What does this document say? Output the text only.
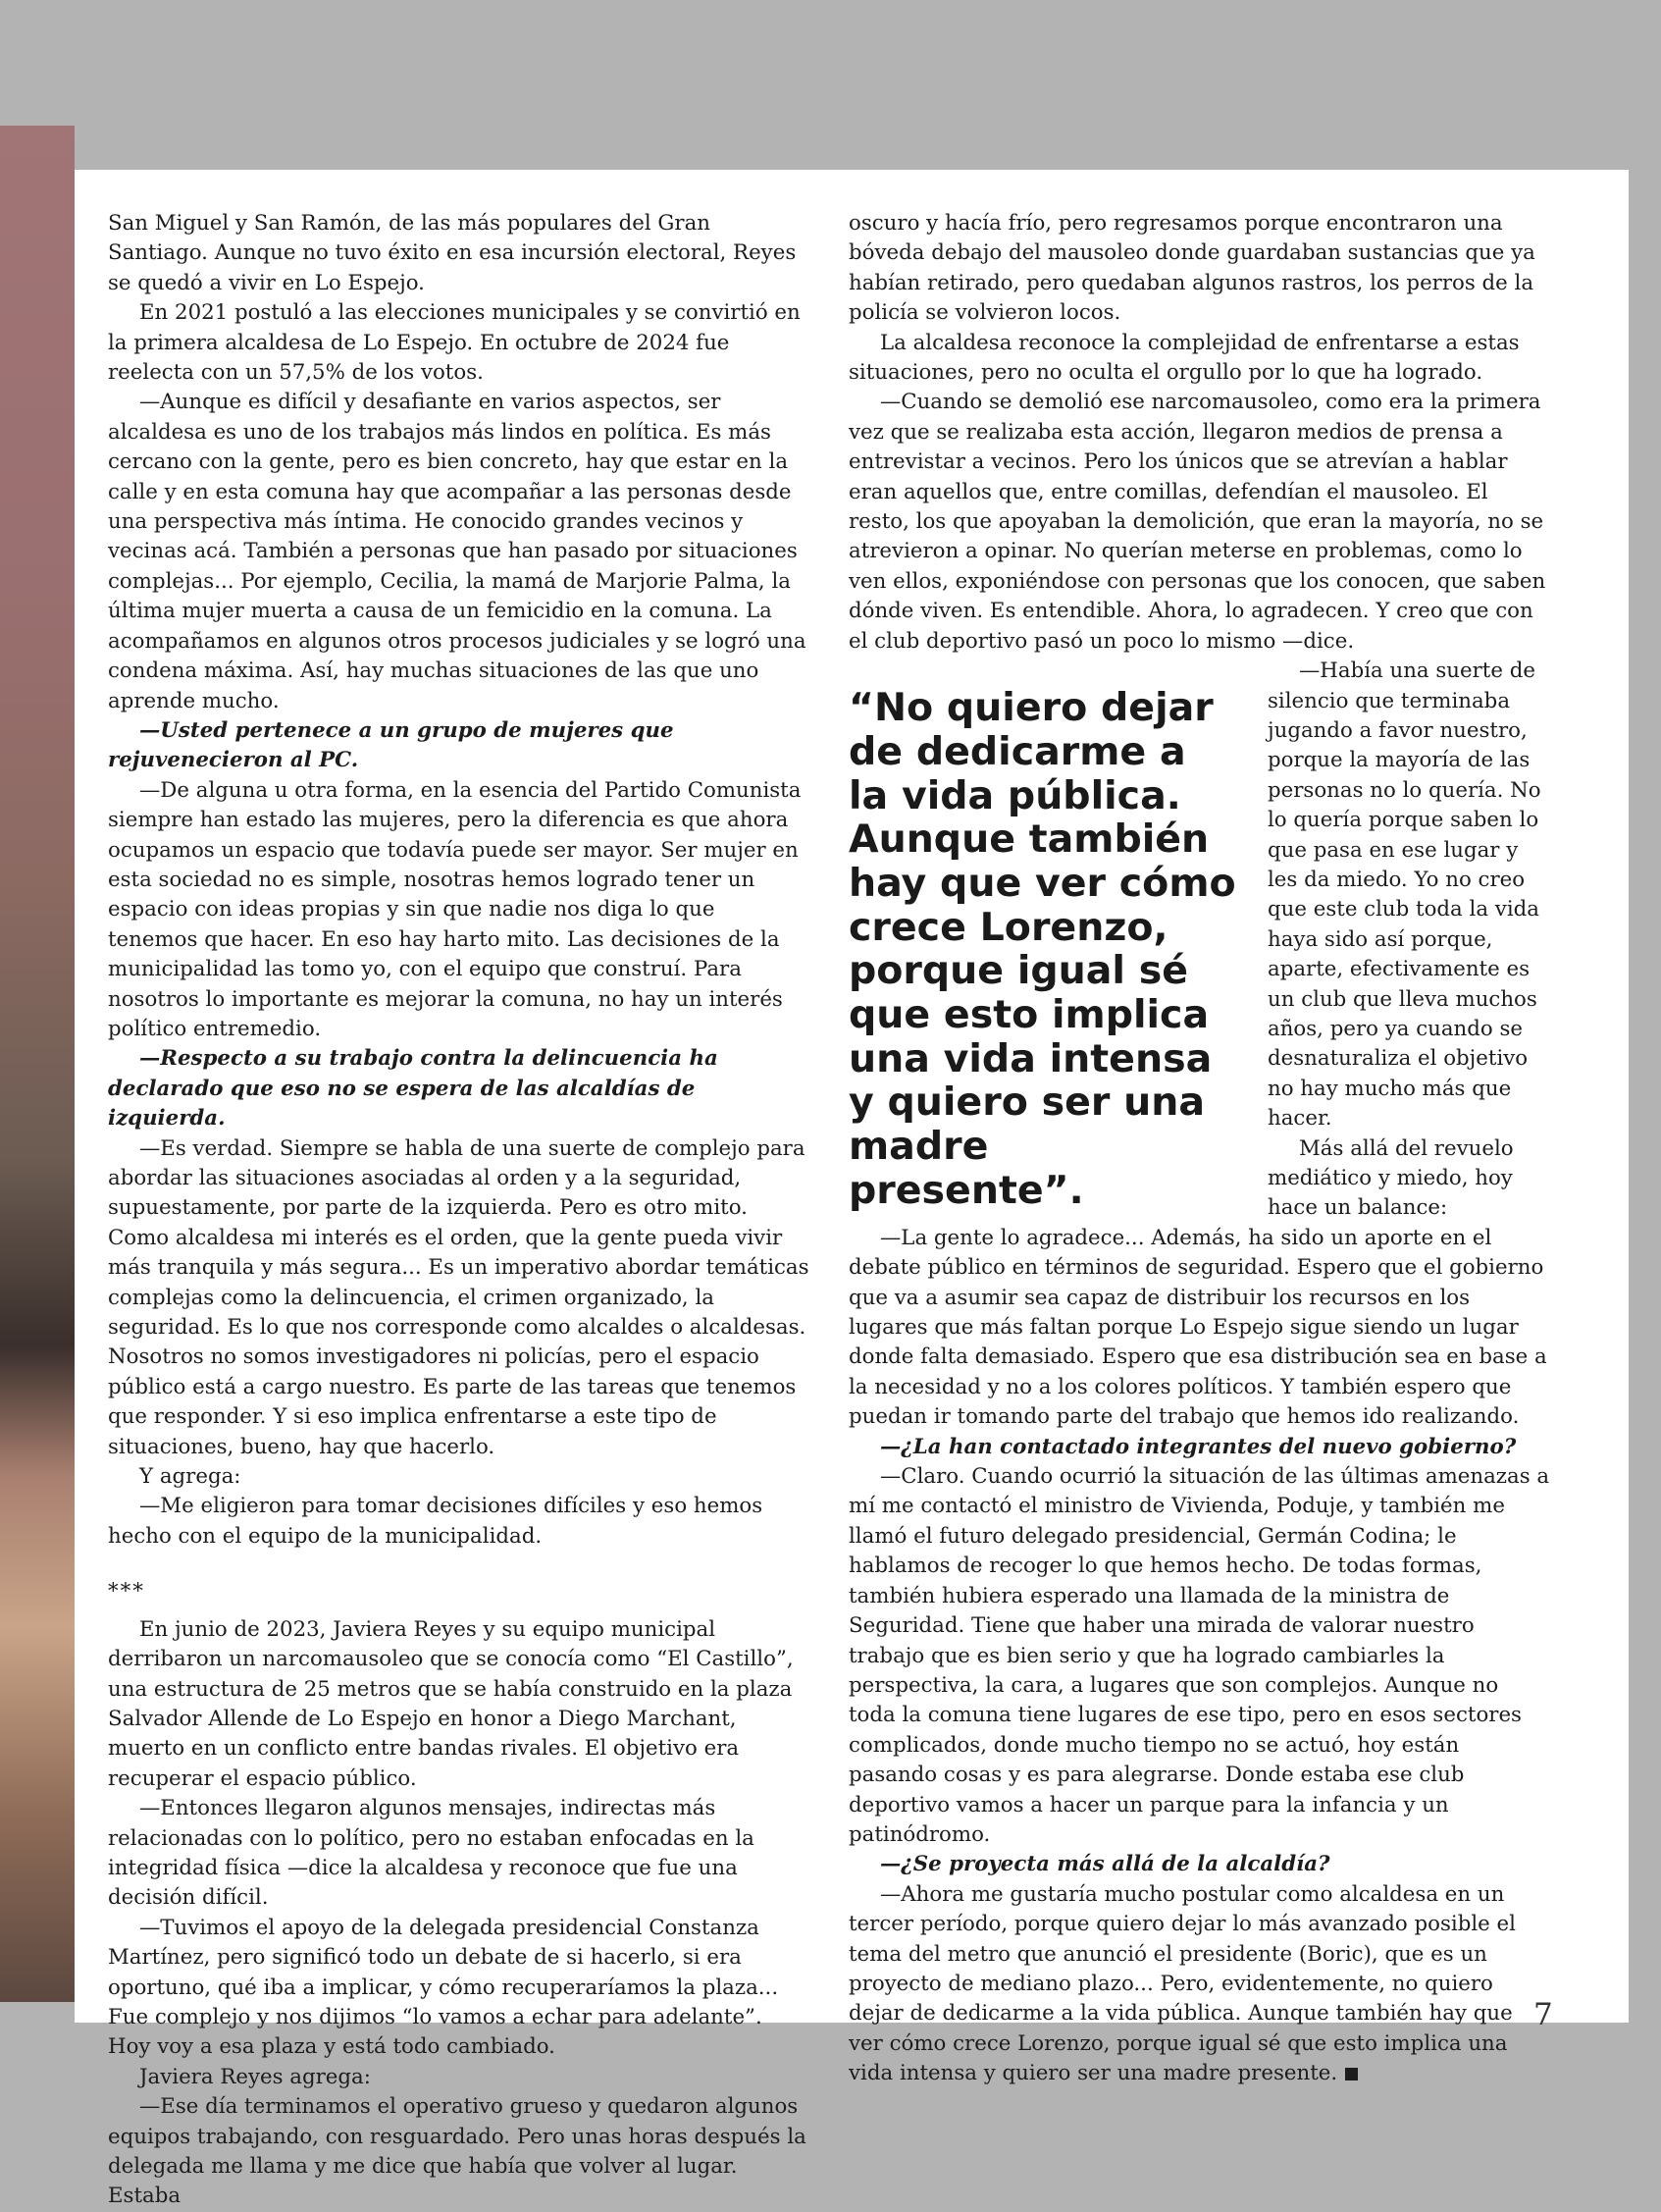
San Miguel y San Ramón, de las más populares del Gran Santiago. Aunque no tuvo éxito en esa incursión electoral, Reyes se quedó a vivir en Lo Espejo.

En 2021 postuló a las elecciones municipales y se convirtió en la primera alcaldesa de Lo Espejo. En octubre de 2024 fue reelecta con un 57,5% de los votos.

—Aunque es difícil y desafiante en varios aspectos, ser alcaldesa es uno de los trabajos más lindos en política. Es más cercano con la gente, pero es bien concreto, hay que estar en la calle y en esta comuna hay que acompañar a las personas desde una perspectiva más íntima. He conocido grandes vecinos y vecinas acá. También a personas que han pasado por situaciones complejas... Por ejemplo, Cecilia, la mamá de Marjorie Palma, la última mujer muerta a causa de un femicidio en la comuna. La acompañamos en algunos otros procesos judiciales y se logró una condena máxima. Así, hay muchas situaciones de las que uno aprende mucho.

—Usted pertenece a un grupo de mujeres que rejuvenecieron al PC.

—De alguna u otra forma, en la esencia del Partido Comunista siempre han estado las mujeres, pero la diferencia es que ahora ocupamos un espacio que todavía puede ser mayor. Ser mujer en esta sociedad no es simple, nosotras hemos logrado tener un espacio con ideas propias y sin que nadie nos diga lo que tenemos que hacer. En eso hay harto mito. Las decisiones de la municipalidad las tomo yo, con el equipo que construí. Para nosotros lo importante es mejorar la comuna, no hay un interés político entremedio.

—Respecto a su trabajo contra la delincuencia ha declarado que eso no se espera de las alcaldías de izquierda.

—Es verdad. Siempre se habla de una suerte de complejo para abordar las situaciones asociadas al orden y a la seguridad, supuestamente, por parte de la izquierda. Pero es otro mito. Como alcaldesa mi interés es el orden, que la gente pueda vivir más tranquila y más segura... Es un imperativo abordar temáticas complejas como la delincuencia, el crimen organizado, la seguridad. Es lo que nos corresponde como alcaldes o alcaldesas. Nosotros no somos investigadores ni policías, pero el espacio público está a cargo nuestro. Es parte de las tareas que tenemos que responder. Y si eso implica enfrentarse a este tipo de situaciones, bueno, hay que hacerlo.

Y agrega:

—Me eligieron para tomar decisiones difíciles y eso hemos hecho con el equipo de la municipalidad.

***

En junio de 2023, Javiera Reyes y su equipo municipal derribaron un narcomausoleo que se conocía como “El Castillo”, una estructura de 25 metros que se había construido en la plaza Salvador Allende de Lo Espejo en honor a Diego Marchant, muerto en un conflicto entre bandas rivales. El objetivo era recuperar el espacio público.

—Entonces llegaron algunos mensajes, indirectas más relacionadas con lo político, pero no estaban enfocadas en la integridad física —dice la alcaldesa y reconoce que fue una decisión difícil.

—Tuvimos el apoyo de la delegada presidencial Constanza Martínez, pero significó todo un debate de si hacerlo, si era oportuno, qué iba a implicar, y cómo recuperaríamos la plaza... Fue complejo y nos dijimos “lo vamos a echar para adelante”. Hoy voy a esa plaza y está todo cambiado.

Javiera Reyes agrega:

—Ese día terminamos el operativo grueso y quedaron algunos equipos trabajando, con resguardado. Pero unas horas después la delegada me llama y me dice que había que volver al lugar. Estaba

oscuro y hacía frío, pero regresamos porque encontraron una bóveda debajo del mausoleo donde guardaban sustancias que ya habían retirado, pero quedaban algunos rastros, los perros de la policía se volvieron locos.

La alcaldesa reconoce la complejidad de enfrentarse a estas situaciones, pero no oculta el orgullo por lo que ha logrado.

—Cuando se demolió ese narcomausoleo, como era la primera vez que se realizaba esta acción, llegaron medios de prensa a entrevistar a vecinos. Pero los únicos que se atrevían a hablar eran aquellos que, entre comillas, defendían el mausoleo. El resto, los que apoyaban la demolición, que eran la mayoría, no se atrevieron a opinar. No querían meterse en problemas, como lo ven ellos, exponiéndose con personas que los conocen, que saben dónde viven. Es entendible. Ahora, lo agradecen. Y creo que con el club deportivo pasó un poco lo mismo —dice.

“No quiero dejar de dedicarme a la vida pública. Aunque también hay que ver cómo crece Lorenzo, porque igual sé que esto implica una vida intensa y quiero ser una madre presente”.

—Había una suerte de silencio que terminaba jugando a favor nuestro, porque la mayoría de las personas no lo quería. No lo quería porque saben lo que pasa en ese lugar y les da miedo. Yo no creo que este club toda la vida haya sido así porque, aparte, efectivamente es un club que lleva muchos años, pero ya cuando se desnaturaliza el objetivo no hay mucho más que hacer.

Más allá del revuelo mediático y miedo, hoy hace un balance:

—La gente lo agradece... Además, ha sido un aporte en el debate público en términos de seguridad. Espero que el gobierno que va a asumir sea capaz de distribuir los recursos en los lugares que más faltan porque Lo Espejo sigue siendo un lugar donde falta demasiado. Espero que esa distribución sea en base a la necesidad y no a los colores políticos. Y también espero que puedan ir tomando parte del trabajo que hemos ido realizando.

—¿La han contactado integrantes del nuevo gobierno?

—Claro. Cuando ocurrió la situación de las últimas amenazas a mí me contactó el ministro de Vivienda, Poduje, y también me llamó el futuro delegado presidencial, Germán Codina; le hablamos de recoger lo que hemos hecho. De todas formas, también hubiera esperado una llamada de la ministra de Seguridad. Tiene que haber una mirada de valorar nuestro trabajo que es bien serio y que ha logrado cambiarles la perspectiva, la cara, a lugares que son complejos. Aunque no toda la comuna tiene lugares de ese tipo, pero en esos sectores complicados, donde mucho tiempo no se actuó, hoy están pasando cosas y es para alegrarse. Donde estaba ese club deportivo vamos a hacer un parque para la infancia y un patinódromo.

—¿Se proyecta más allá de la alcaldía?

—Ahora me gustaría mucho postular como alcaldesa en un tercer período, porque quiero dejar lo más avanzado posible el tema del metro que anunció el presidente (Boric), que es un proyecto de mediano plazo... Pero, evidentemente, no quiero dejar de dedicarme a la vida pública. Aunque también hay que ver cómo crece Lorenzo, porque igual sé que esto implica una vida intensa y quiero ser una madre presente.

7
